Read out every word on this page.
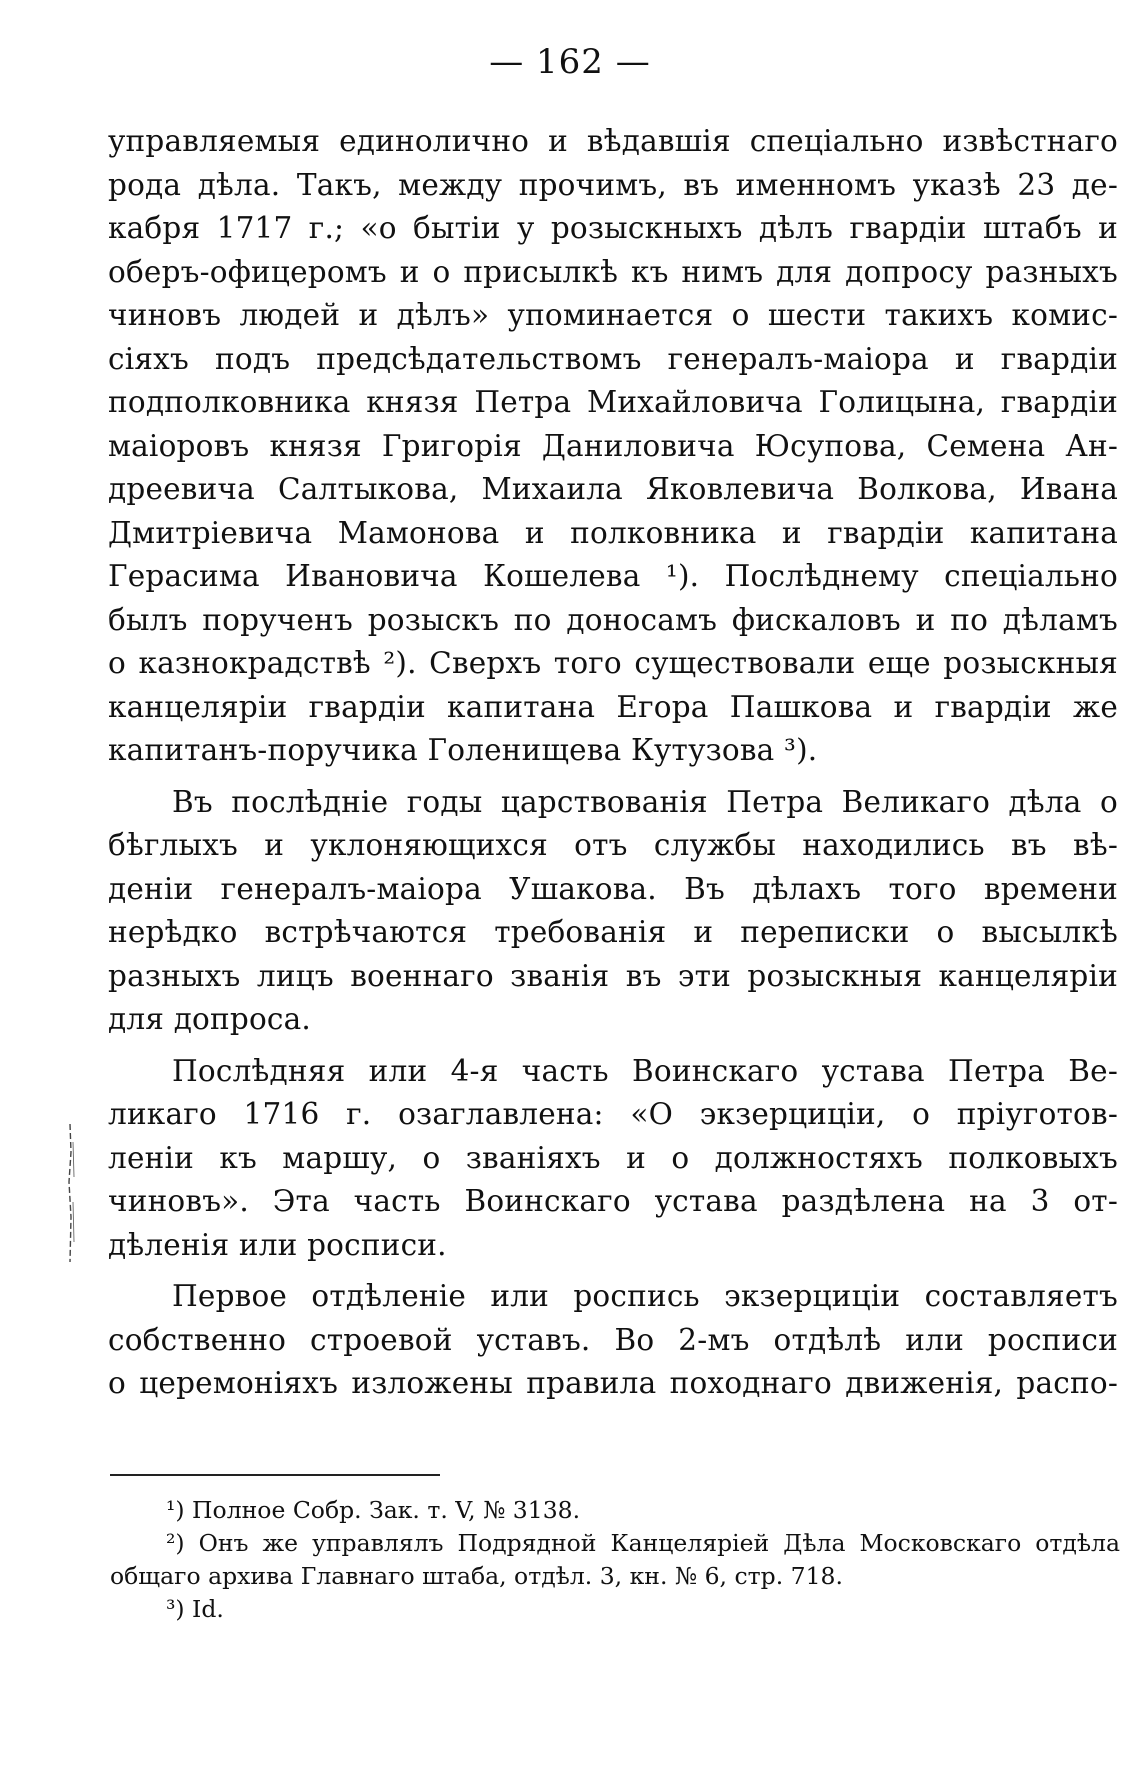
— 162 —

управляемыя единолично и вѣдавшія спеціально извѣстнаго
рода дѣла. Такъ, между прочимъ, въ именномъ указѣ 23 де-
кабря 1717 г.; «о бытіи у розыскныхъ дѣлъ гвардіи штабъ и
оберъ-офицеромъ и о присылкѣ къ нимъ для допросу разныхъ
чиновъ людей и дѣлъ» упоминается о шести такихъ комис-
сіяхъ подъ предсѣдательствомъ генералъ-маіора и гвардіи
подполковника князя Петра Михайловича Голицына, гвардіи
маіоровъ князя Григорія Даниловича Юсупова, Семена Ан-
дреевича Салтыкова, Михаила Яковлевича Волкова, Ивана
Дмитріевича Мамонова и полковника и гвардіи капитана
Герасима Ивановича Кошелева ¹). Послѣднему спеціально
былъ порученъ розыскъ по доносамъ фискаловъ и по дѣламъ
о казнокрадствѣ ²). Сверхъ того существовали еще розыскныя
канцеляріи гвардіи капитана Егора Пашкова и гвардіи же
капитанъ-поручика Голенищева Кутузова ³).

Въ послѣдніе годы царствованія Петра Великаго дѣла о
бѣглыхъ и уклоняющихся отъ службы находились въ вѣ-
деніи генералъ-маіора Ушакова. Въ дѣлахъ того времени
нерѣдко встрѣчаются требованія и переписки о высылкѣ
разныхъ лицъ военнаго званія въ эти розыскныя канцеляріи
для допроса.

Послѣдняя или 4-я часть Воинскаго устава Петра Ве-
ликаго 1716 г. озаглавлена: «О экзерциціи, о пріуготов-
леніи къ маршу, о званіяхъ и о должностяхъ полковыхъ
чиновъ». Эта часть Воинскаго устава раздѣлена на 3 от-
дѣленія или росписи.

Первое отдѣленіе или роспись экзерциціи составляетъ
собственно строевой уставъ. Во 2-мъ отдѣлѣ или росписи
о церемоніяхъ изложены правила походнаго движенія, распо-

¹) Полное Собр. Зак. т. V, № 3138.
²) Онъ же управлялъ Подрядной Канцеляріей Дѣла Московскаго отдѣла
общаго архива Главнаго штаба, отдѣл. 3, кн. № 6, стр. 718.
³) Id.
